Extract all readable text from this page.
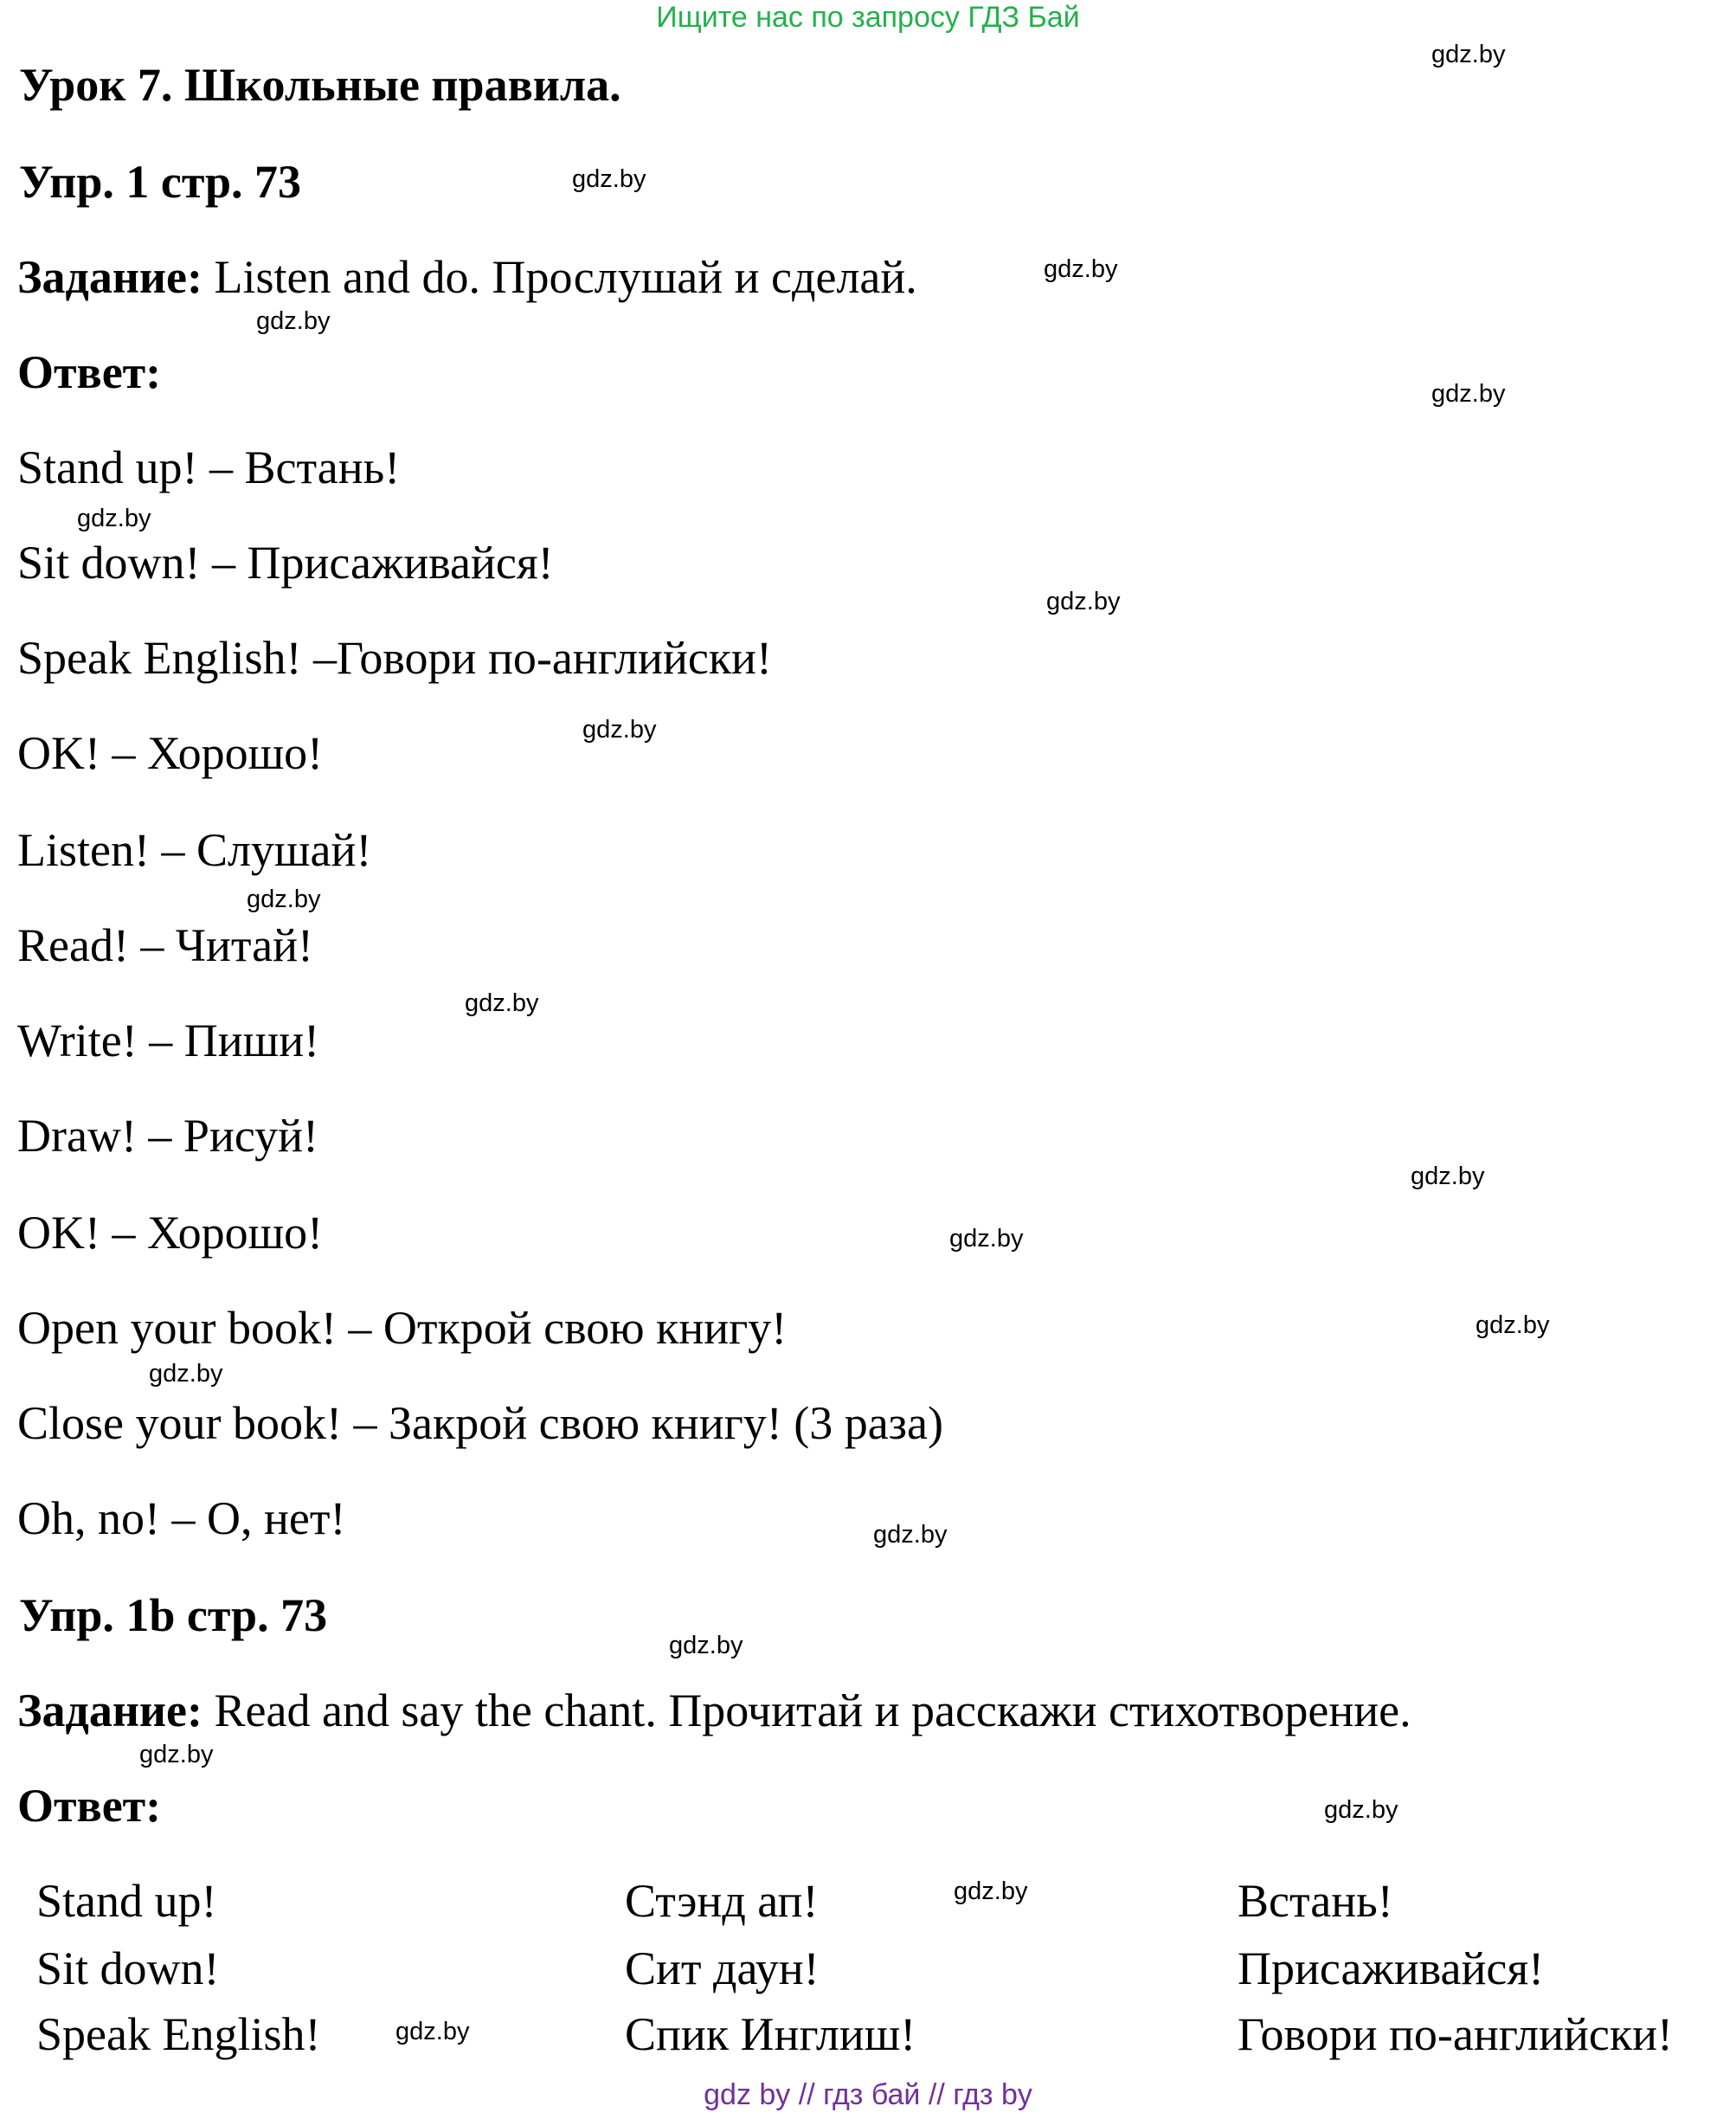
Ищите нас по запросу ГДЗ Бай
Урок 7. Школьные правила.
Упр. 1 стр. 73
Задание: Listen and do. Прослушай и сделай.
Ответ:
Stand up! – Встань!
Sit down! – Присаживайся!
Speak English! –Говори по-английски!
OK! – Хорошо!
Listen! – Слушай!
Read! – Читай!
Write! – Пиши!
Draw! – Рисуй!
OK! – Хорошо!
Open your book! – Открой свою книгу!
Close your book! – Закрой свою книгу! (3 раза)
Oh, no! – О, нет!
Упр. 1b стр. 73
Задание: Read and say the chant. Прочитай и расскажи стихотворение.
Ответ:
Stand up!	Стэнд ап!	Встань!
Sit down!	Сит даун!	Присаживайся!
Speak English!	Спик Инглиш!	Говори по-английски!
gdz.by
gdz.by
gdz.by
gdz.by
gdz.by
gdz.by
gdz.by
gdz.by
gdz.by
gdz.by
gdz.by
gdz.by
gdz.by
gdz.by
gdz.by
gdz.by
gdz.by
gdz.by
gdz.by
gdz.by
gdz by // гдз бай // гдз by
